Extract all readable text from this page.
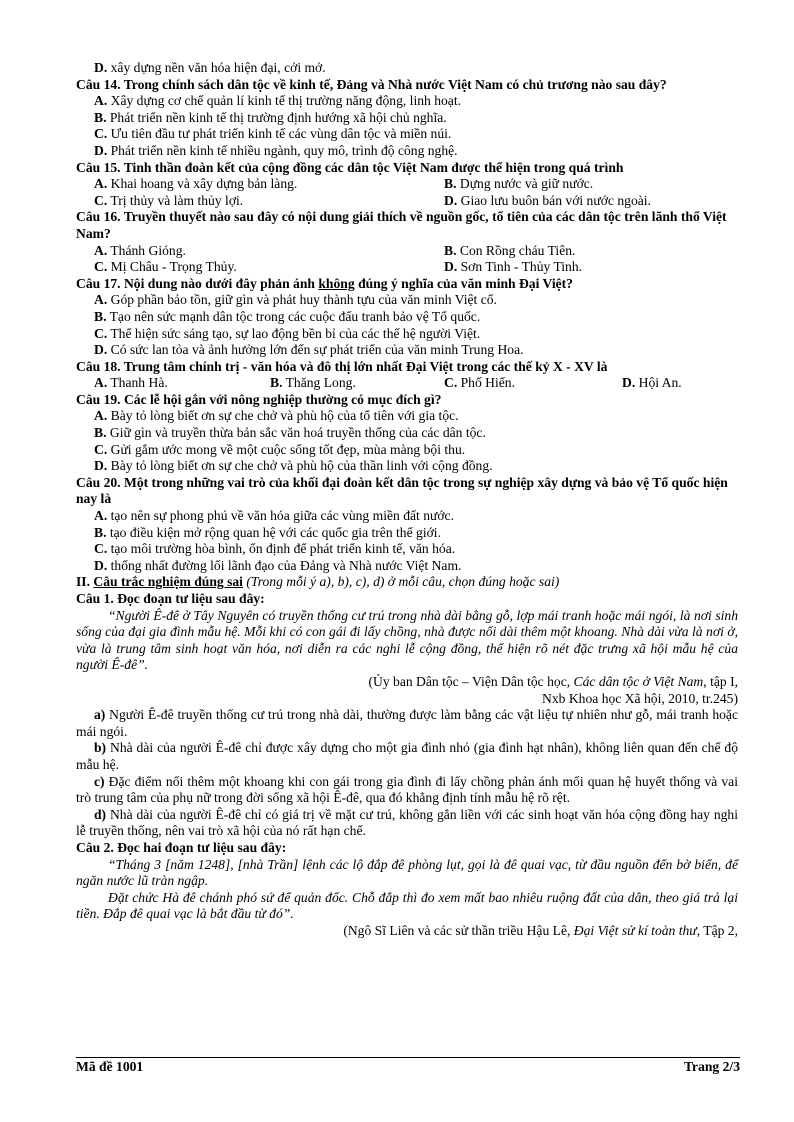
D. xây dựng nền văn hóa hiện đại, cởi mở.
Câu 14. Trong chính sách dân tộc về kinh tế, Đảng và Nhà nước Việt Nam có chủ trương nào sau đây?
A. Xây dựng cơ chế quản lí kinh tế thị trường năng động, linh hoạt.
B. Phát triển nền kinh tế thị trường định hướng xã hội chủ nghĩa.
C. Ưu tiên đầu tư phát triển kinh tế các vùng dân tộc và miền núi.
D. Phát triển nền kinh tế nhiều ngành, quy mô, trình độ công nghệ.
Câu 15. Tinh thần đoàn kết của cộng đồng các dân tộc Việt Nam được thể hiện trong quá trình
A. Khai hoang và xây dựng bản làng.	B. Dựng nước và giữ nước.
C. Trị thủy và làm thủy lợi.	D. Giao lưu buôn bán với nước ngoài.
Câu 16. Truyền thuyết nào sau đây có nội dung giải thích về nguồn gốc, tổ tiên của các dân tộc trên lãnh thổ Việt Nam?
A. Thánh Gióng.	B. Con Rồng cháu Tiên.
C. Mị Châu - Trọng Thủy.	D. Sơn Tinh - Thủy Tinh.
Câu 17. Nội dung nào dưới đây phản ánh không đúng ý nghĩa của văn minh Đại Việt?
A. Góp phần bảo tồn, giữ gìn và phát huy thành tựu của văn minh Việt cổ.
B. Tạo nên sức mạnh dân tộc trong các cuộc đấu tranh bảo vệ Tổ quốc.
C. Thể hiện sức sáng tạo, sự lao động bền bỉ của các thế hệ người Việt.
D. Có sức lan tỏa và ảnh hưởng lớn đến sự phát triển của văn minh Trung Hoa.
Câu 18. Trung tâm chính trị - văn hóa và đô thị lớn nhất Đại Việt trong các thế kỷ X - XV là
A. Thanh Hà.	B. Thăng Long.	C. Phố Hiến.	D. Hội An.
Câu 19. Các lễ hội gắn với nông nghiệp thường có mục đích gì?
A. Bày tỏ lòng biết ơn sự che chở và phù hộ của tổ tiên với gia tộc.
B. Giữ gìn và truyền thừa bản sắc văn hoá truyền thống của các dân tộc.
C. Gửi gắm ước mong về một cuộc sống tốt đẹp, mùa màng bội thu.
D. Bày tỏ lòng biết ơn sự che chở và phù hộ của thần linh với cộng đồng.
Câu 20. Một trong những vai trò của khối đại đoàn kết dân tộc trong sự nghiệp xây dựng và bảo vệ Tổ quốc hiện nay là
A. tạo nên sự phong phú về văn hóa giữa các vùng miền đất nước.
B. tạo điều kiện mở rộng quan hệ với các quốc gia trên thế giới.
C. tạo môi trường hòa bình, ổn định để phát triển kinh tế, văn hóa.
D. thống nhất đường lối lãnh đạo của Đảng và Nhà nước Việt Nam.
II. Câu trắc nghiệm đúng sai (Trong mỗi ý a), b), c), d) ở mỗi câu, chọn đúng hoặc sai)
Câu 1. Đọc đoạn tư liệu sau đây:
“Người Ê-đê ở Tây Nguyên có truyền thống cư trú trong nhà dài bằng gỗ, lợp mái tranh hoặc mái ngói, là nơi sinh sống của đại gia đình mẫu hệ. Mỗi khi có con gái đi lấy chồng, nhà được nối dài thêm một khoang. Nhà dài vừa là nơi ở, vừa là trung tâm sinh hoạt văn hóa, nơi diễn ra các nghi lễ cộng đồng, thể hiện rõ nét đặc trưng xã hội mẫu hệ của người Ê-đê”.
(Ủy ban Dân tộc – Viện Dân tộc học, Các dân tộc ở Việt Nam, tập I,
Nxb Khoa học Xã hội, 2010, tr.245)
a) Người Ê-đê truyền thống cư trú trong nhà dài, thường được làm bằng các vật liệu tự nhiên như gỗ, mái tranh hoặc mái ngói.
b) Nhà dài của người Ê-đê chỉ được xây dựng cho một gia đình nhỏ (gia đình hạt nhân), không liên quan đến chế độ mẫu hệ.
c) Đặc điểm nối thêm một khoang khi con gái trong gia đình đi lấy chồng phản ánh mối quan hệ huyết thống và vai trò trung tâm của phụ nữ trong đời sống xã hội Ê-đê, qua đó khẳng định tính mẫu hệ rõ rệt.
d) Nhà dài của người Ê-đê chỉ có giá trị về mặt cư trú, không gắn liền với các sinh hoạt văn hóa cộng đồng hay nghi lễ truyền thống, nên vai trò xã hội của nó rất hạn chế.
Câu 2. Đọc hai đoạn tư liệu sau đây:
“Tháng 3 [năm 1248], [nhà Trần] lệnh các lộ đắp đê phòng lụt, gọi là đê quai vạc, từ đầu nguồn đến bờ biển, để ngăn nước lũ tràn ngập.
Đặt chức Hà đê chánh phó sứ để quản đốc. Chỗ đắp thì đo xem mất bao nhiêu ruộng đất của dân, theo giá trả lại tiền. Đắp đê quai vạc là bắt đầu từ đó”.
(Ngô Sĩ Liên và các sử thần triều Hậu Lê, Đại Việt sử kí toàn thư, Tập 2,
Mã đề 1001	Trang 2/3
